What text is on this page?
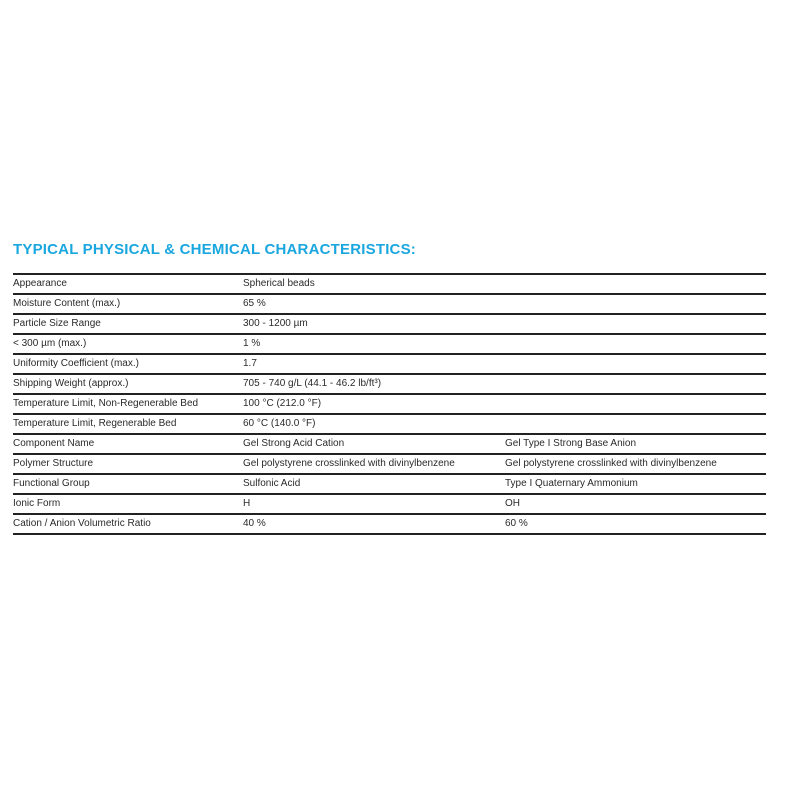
TYPICAL PHYSICAL & CHEMICAL CHARACTERISTICS:
Appearance	Spherical beads
Moisture Content (max.)	65 %
Particle Size Range	300 - 1200 µm
< 300 µm (max.)	1 %
Uniformity Coefficient (max.)	1.7
Shipping Weight (approx.)	705 - 740 g/L (44.1 - 46.2 lb/ft³)
Temperature Limit, Non-Regenerable Bed	100 °C (212.0 °F)
Temperature Limit, Regenerable Bed	60 °C (140.0 °F)
Component Name	Gel Strong Acid Cation	Gel Type I Strong Base Anion
Polymer Structure	Gel polystyrene crosslinked with divinylbenzene	Gel polystyrene crosslinked with divinylbenzene
Functional Group	Sulfonic Acid	Type I Quaternary Ammonium
Ionic Form	H	OH
Cation / Anion Volumetric Ratio	40 %	60 %
